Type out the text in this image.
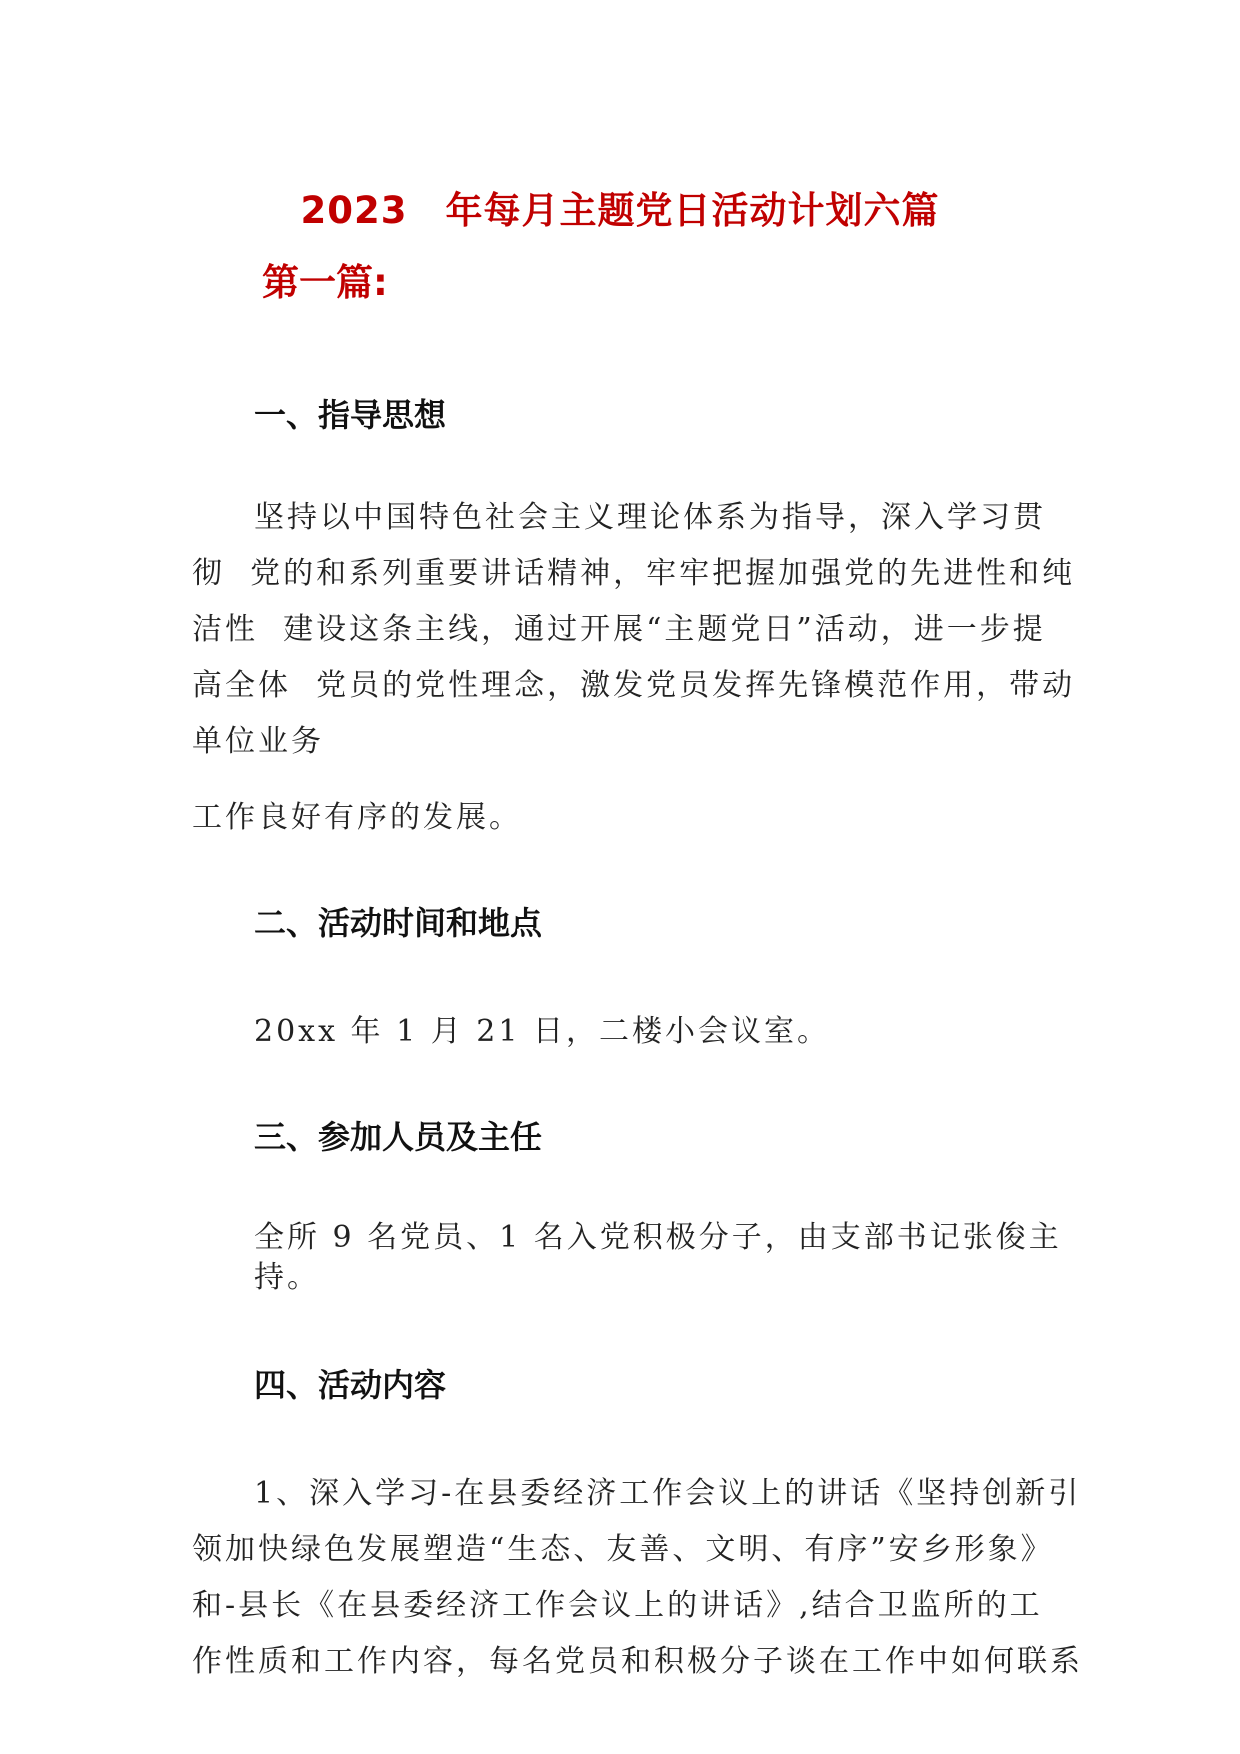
2023　年每月主题党日活动计划六篇
第一篇:
一、指导思想
坚持以中国特色社会主义理论体系为指导，深入学习贯
彻  党的和系列重要讲话精神，牢牢把握加强党的先进性和纯
洁性  建设这条主线，通过开展“主题党日”活动，进一步提
高全体  党员的党性理念，激发党员发挥先锋模范作用，带动
单位业务
工作良好有序的发展。
二、活动时间和地点
20xx 年 1 月 21 日，二楼小会议室。
三、参加人员及主任
全所 9 名党员、1 名入党积极分子，由支部书记张俊主
持。
四、活动内容
1、深入学习-在县委经济工作会议上的讲话《坚持创新引
领加快绿色发展塑造“生态、友善、文明、有序”安乡形象》
和-县长《在县委经济工作会议上的讲话》,结合卫监所的工
作性质和工作内容，每名党员和积极分子谈在工作中如何联系
